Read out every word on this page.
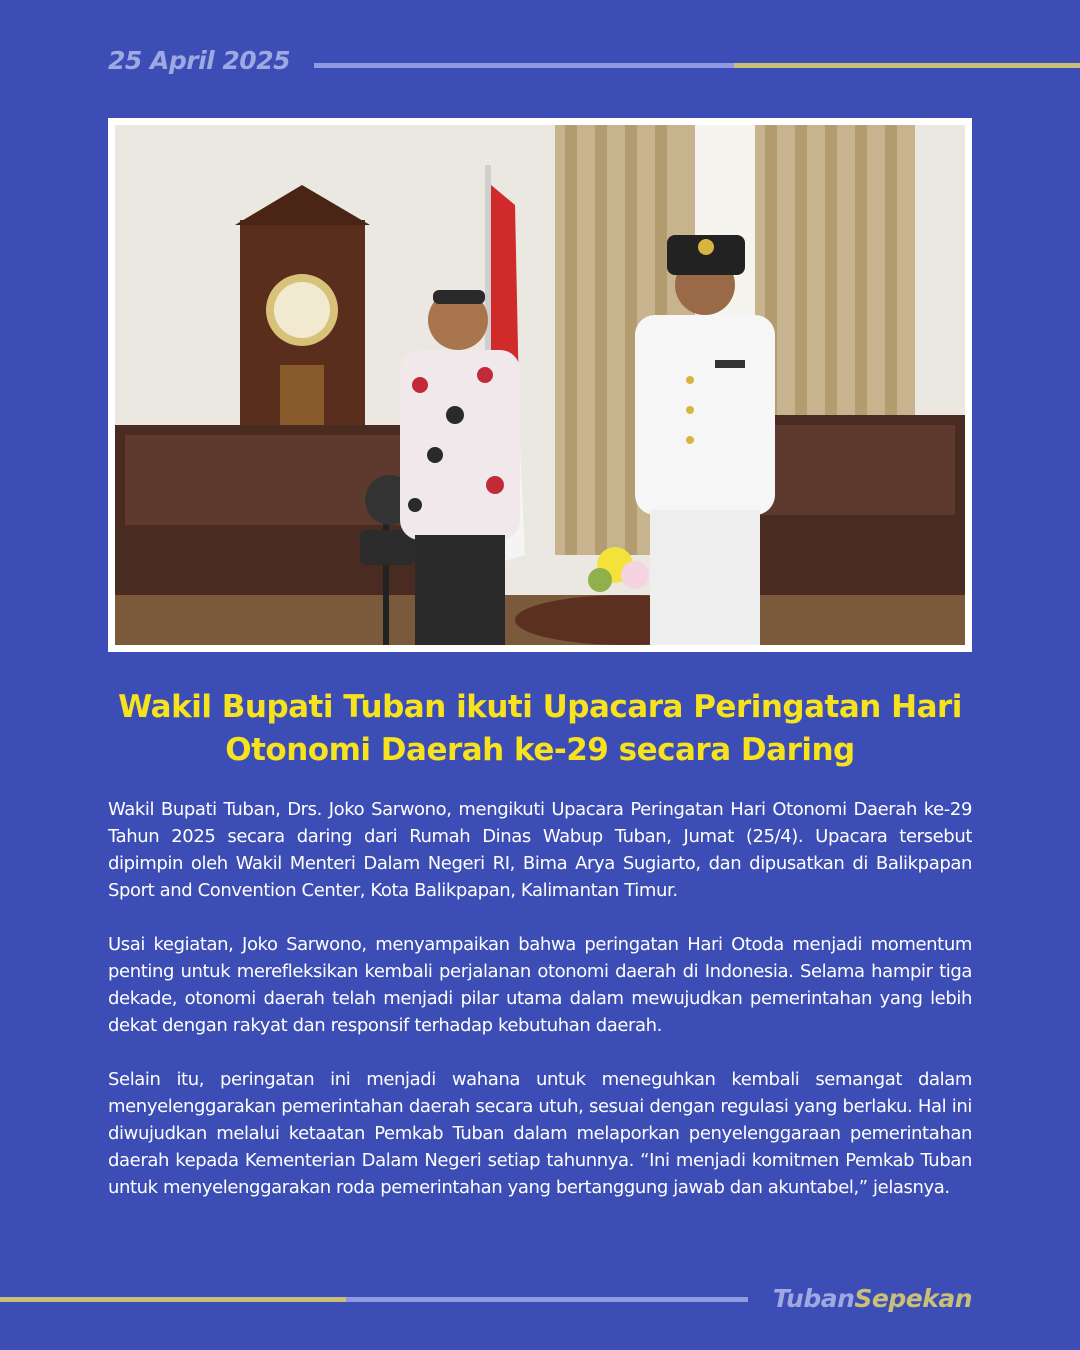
25 April 2025
Wakil Bupati Tuban ikuti Upacara Peringatan Hari Otonomi Daerah ke-29 secara Daring

Wakil Bupati Tuban, Drs. Joko Sarwono, mengikuti Upacara Peringatan Hari Otonomi Daerah ke-29 Tahun 2025 secara daring dari Rumah Dinas Wabup Tuban, Jumat (25/4). Upacara tersebut dipimpin oleh Wakil Menteri Dalam Negeri RI, Bima Arya Sugiarto, dan dipusatkan di Balikpapan Sport and Convention Center, Kota Balikpapan, Kalimantan Timur.

Usai kegiatan, Joko Sarwono, menyampaikan bahwa peringatan Hari Otoda menjadi momentum penting untuk merefleksikan kembali perjalanan otonomi daerah di Indonesia. Selama hampir tiga dekade, otonomi daerah telah menjadi pilar utama dalam mewujudkan pemerintahan yang lebih dekat dengan rakyat dan responsif terhadap kebutuhan daerah.

Selain itu, peringatan ini menjadi wahana untuk meneguhkan kembali semangat dalam menyelenggarakan pemerintahan daerah secara utuh, sesuai dengan regulasi yang berlaku. Hal ini diwujudkan melalui ketaatan Pemkab Tuban dalam melaporkan penyelenggaraan pemerintahan daerah kepada Kementerian Dalam Negeri setiap tahunnya. “Ini menjadi komitmen Pemkab Tuban untuk menyelenggarakan roda pemerintahan yang bertanggung jawab dan akuntabel,” jelasnya.

TubanSepekan
